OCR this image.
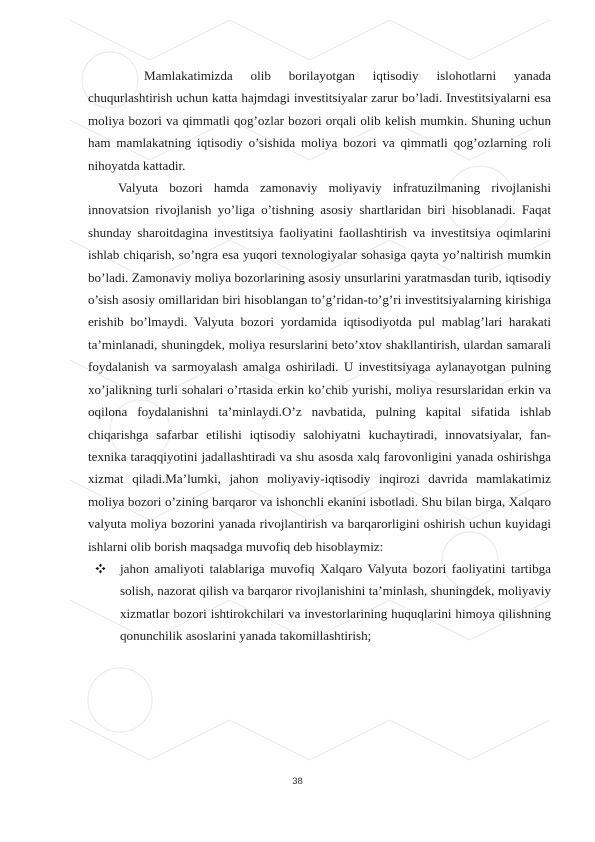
Mamlakatimizda olib borilayotgan iqtisodiy islohotlarni yanada chuqurlashtirish uchun katta hajmdagi investitsiyalar zarur bo’ladi. Investitsiyalarni esa moliya bozori va qimmatli qog’ozlar bozori orqali olib kelish mumkin. Shuning uchun ham mamlakatning iqtisodiy o’sishida moliya bozori va qimmatli qog’ozlarning roli nihoyatda kattadir.

Valyuta bozori hamda zamonaviy moliyaviy infratuzilmaning rivojlanishi innovatsion rivojlanish yo’liga o’tishning asosiy shartlaridan biri hisoblanadi. Faqat shunday sharoitdagina investitsiya faoliyatini faollashtirish va investitsiya oqimlarini ishlab chiqarish, so’ngra esa yuqori texnologiyalar sohasiga qayta yo’naltirish mumkin bo’ladi. Zamonaviy moliya bozorlarining asosiy unsurlarini yaratmasdan turib, iqtisodiy o’sish asosiy omillaridan biri hisoblangan to’g’ridan-to’g’ri investitsiyalarning kirishiga erishib bo’lmaydi. Valyuta bozori yordamida iqtisodiyotda pul mablag’lari harakati ta’minlanadi, shuningdek, moliya resurslarini beto’xtov shakllantirish, ulardan samarali foydalanish va sarmoyalash amalga oshiriladi. U investitsiyaga aylanayotgan pulning xo’jalikning turli sohalari o’rtasida erkin ko’chib yurishi, moliya resurslaridan erkin va oqilona foydalanishni ta’minlaydi.O’z navbatida, pulning kapital sifatida ishlab chiqarishga safarbar etilishi iqtisodiy salohiyatni kuchaytiradi, innovatsiyalar, fan-texnika taraqqiyotini jadallashtiradi va shu asosda xalq farovonligini yanada oshirishga xizmat qiladi.Ma’lumki, jahon moliyaviy-iqtisodiy inqirozi davrida mamlakatimiz moliya bozori o’zining barqaror va ishonchli ekanini isbotladi. Shu bilan birga, Xalqaro valyuta moliya bozorini yanada rivojlantirish va barqarorligini oshirish uchun kuyidagi ishlarni olib borish maqsadga muvofiq deb hisoblaymiz:

jahon amaliyoti talablariga muvofiq Xalqaro Valyuta bozori faoliyatini tartibga solish, nazorat qilish va barqaror rivojlanishini ta’minlash, shuningdek, moliyaviy xizmatlar bozori ishtirokchilari va investorlarining huquqlarini himoya qilishning qonunchilik asoslarini yanada takomillashtirish;
38
